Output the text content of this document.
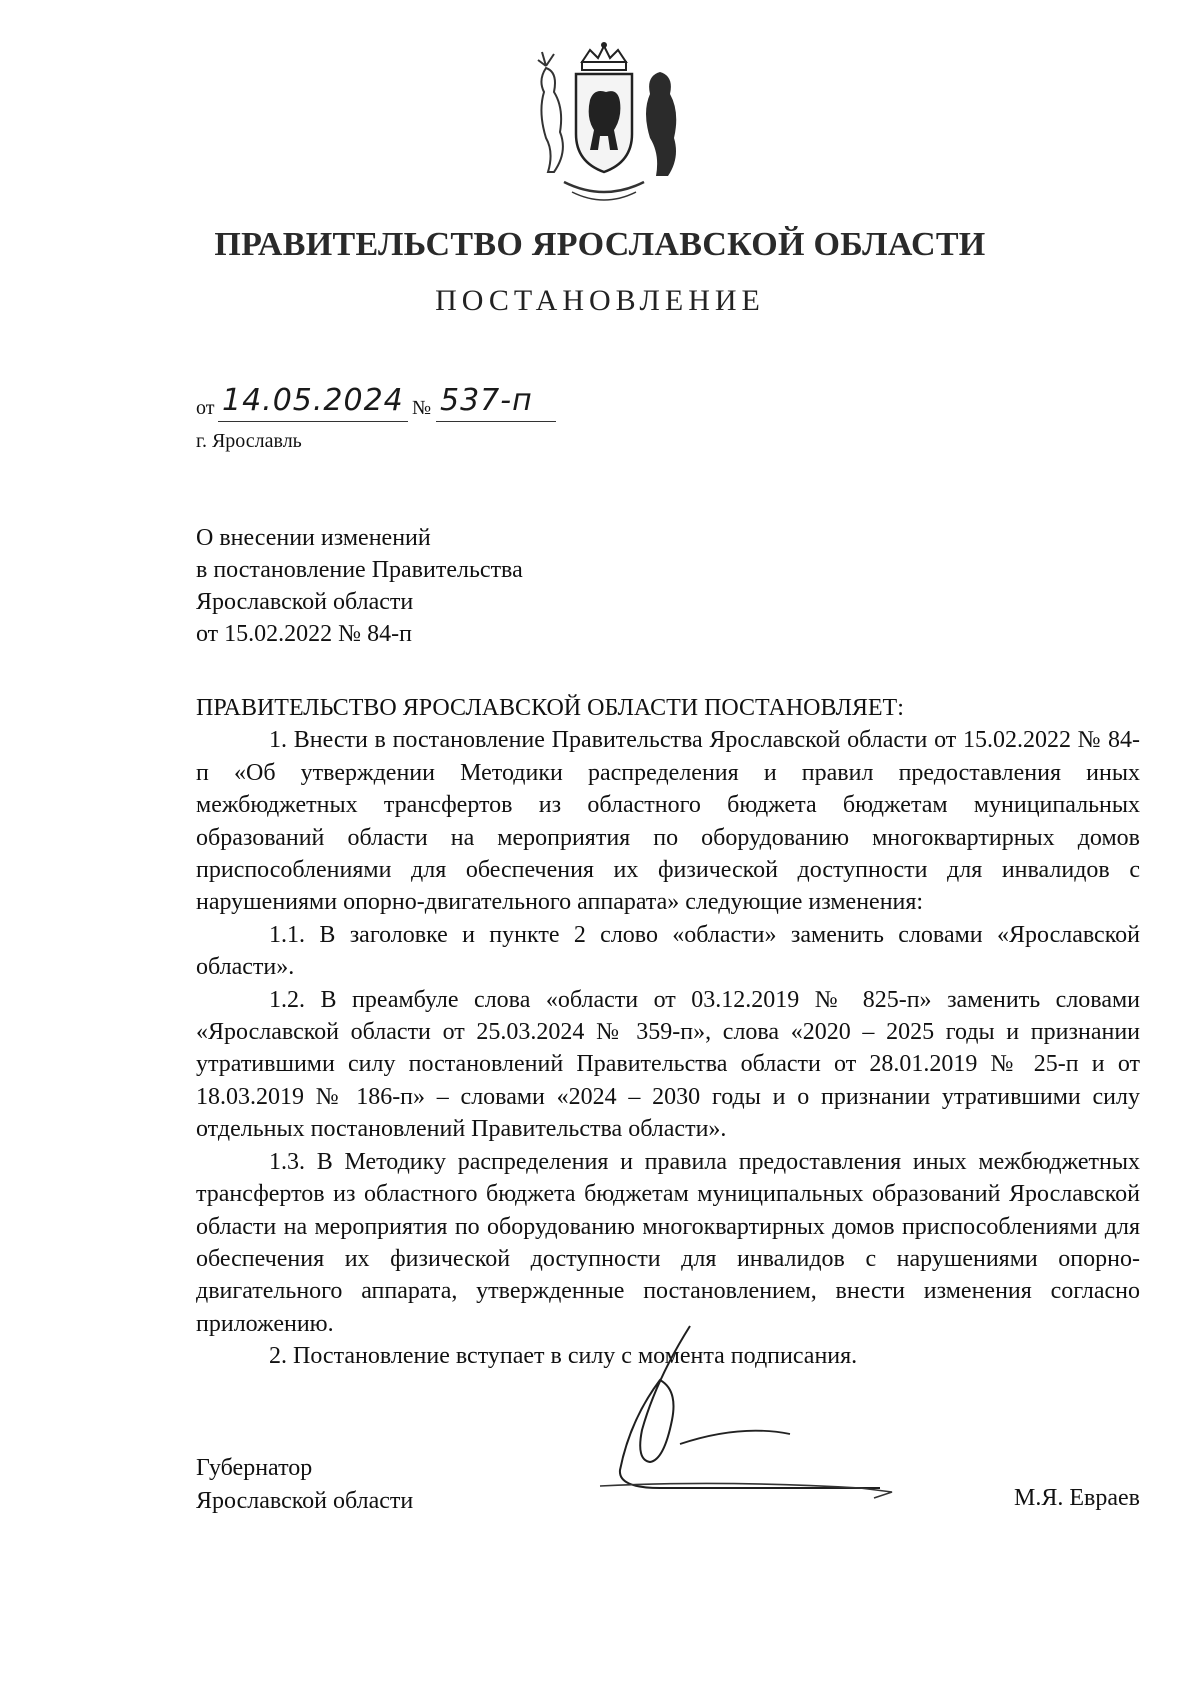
ПРАВИТЕЛЬСТВО ЯРОСЛАВСКОЙ ОБЛАСТИ
ПОСТАНОВЛЕНИЕ
от 14.05.2024 № 537-п
г. Ярославль
О внесении изменений
в постановление Правительства
Ярославской области
от 15.02.2022 № 84-п

ПРАВИТЕЛЬСТВО ЯРОСЛАВСКОЙ ОБЛАСТИ ПОСТАНОВЛЯЕТ:

1. Внести в постановление Правительства Ярославской области от 15.02.2022 № 84-п «Об утверждении Методики распределения и правил предоставления иных межбюджетных трансфертов из областного бюджета бюджетам муниципальных образований области на мероприятия по оборудованию многоквартирных домов приспособлениями для обеспечения их физической доступности для инвалидов с нарушениями опорно-двигательного аппарата» следующие изменения:

1.1. В заголовке и пункте 2 слово «области» заменить словами «Ярославской области».

1.2. В преамбуле слова «области от 03.12.2019 № 825-п» заменить словами «Ярославской области от 25.03.2024 № 359-п», слова «2020 – 2025 годы и признании утратившими силу постановлений Правительства области от 28.01.2019 № 25-п и от 18.03.2019 № 186-п» – словами «2024 – 2030 годы и о признании утратившими силу отдельных постановлений Правительства области».

1.3. В Методику распределения и правила предоставления иных межбюджетных трансфертов из областного бюджета бюджетам муниципальных образований Ярославской области на мероприятия по оборудованию многоквартирных домов приспособлениями для обеспечения их физической доступности для инвалидов с нарушениями опорно-двигательного аппарата, утвержденные постановлением, внести изменения согласно приложению.

2. Постановление вступает в силу с момента подписания.

Губернатор
Ярославской области	М.Я. Евраев
